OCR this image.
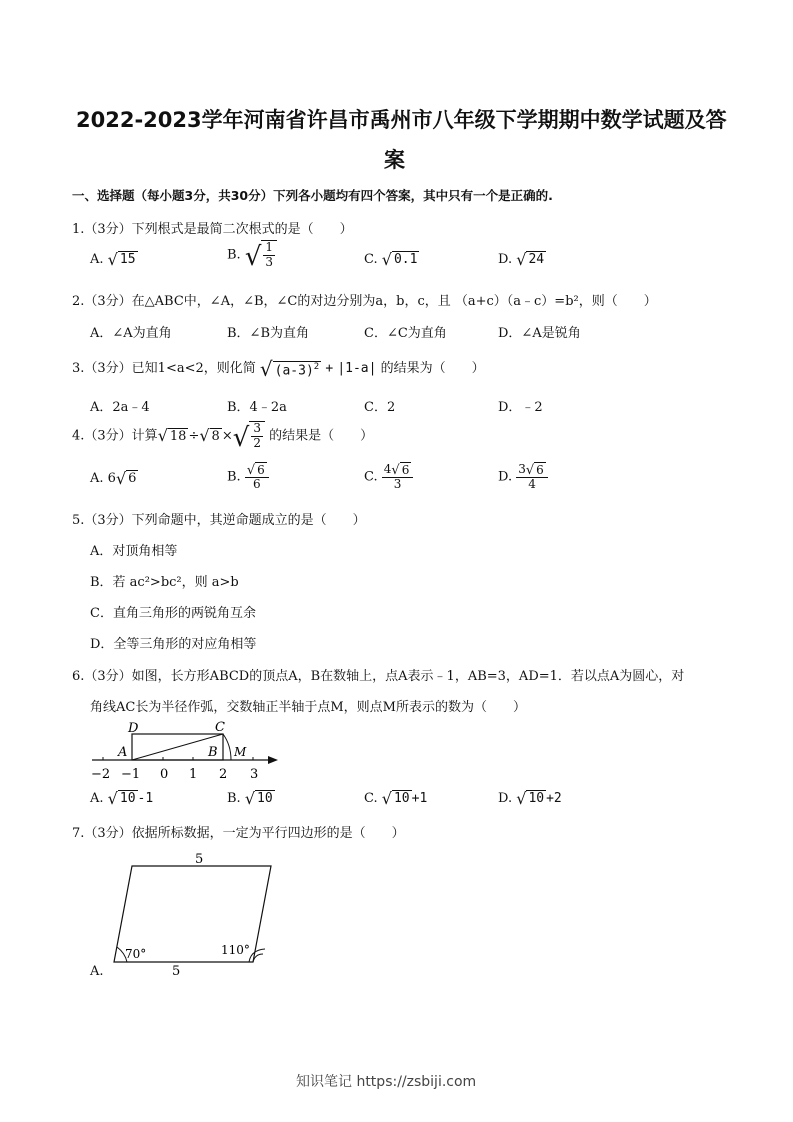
2022-2023学年河南省许昌市禹州市八年级下学期期中数学试题及答
案
一、选择题（每小题3分，共30分）下列各小题均有四个答案，其中只有一个是正确的.
1.（3分）下列根式是最简二次根式的是（　　）
A. √ 15	B. √ $\frac{1}{3}$	C. √ 0.1	D. √ 24
2.（3分）在△ABC中，∠A，∠B，∠C的对边分别为a，b，c，且 （a+c）（a﹣c）=b²，则（　　）
A．∠A为直角	B．∠B为直角	C．∠C为直角	D．∠A是锐角
3.（3分）已知1<a<2，则化简 √ $(a-3)^2 + |1-a|$ 的结果为（　　）
A．2a﹣4	B．4﹣2a	C．2	D．﹣2
4.（3分）计算 √ 18 ÷ √ 8 × √ $\frac{3}{2}$ 的结果是（　　）
A. 6 √ 6	B. $\frac{√ 6}{6}$	C. $\frac{4 √ 6}{3}$	D. $\frac{3 √ 6}{4}$
5.（3分）下列命题中，其逆命题成立的是（　　）
A．对顶角相等
B．若 ac²>bc²，则 a>b
C．直角三角形的两锐角互余
D．全等三角形的对应角相等
6.（3分）如图，长方形ABCD的顶点A，B在数轴上，点A表示﹣1，AB=3，AD=1．若以点A为圆心，对
角线AC长为半径作弧，交数轴正半轴于点M，则点M所表示的数为（　　）
D	C
A	B M
−2 −1 0 1 2 3
A. √ 10 -1	B. √ 10	C. √ 10 +1	D. √ 10 +2
7.（3分）依据所标数据，一定为平行四边形的是（　　）
5
5
70°	110°
A.
知识笔记 https://zsbiji.com
